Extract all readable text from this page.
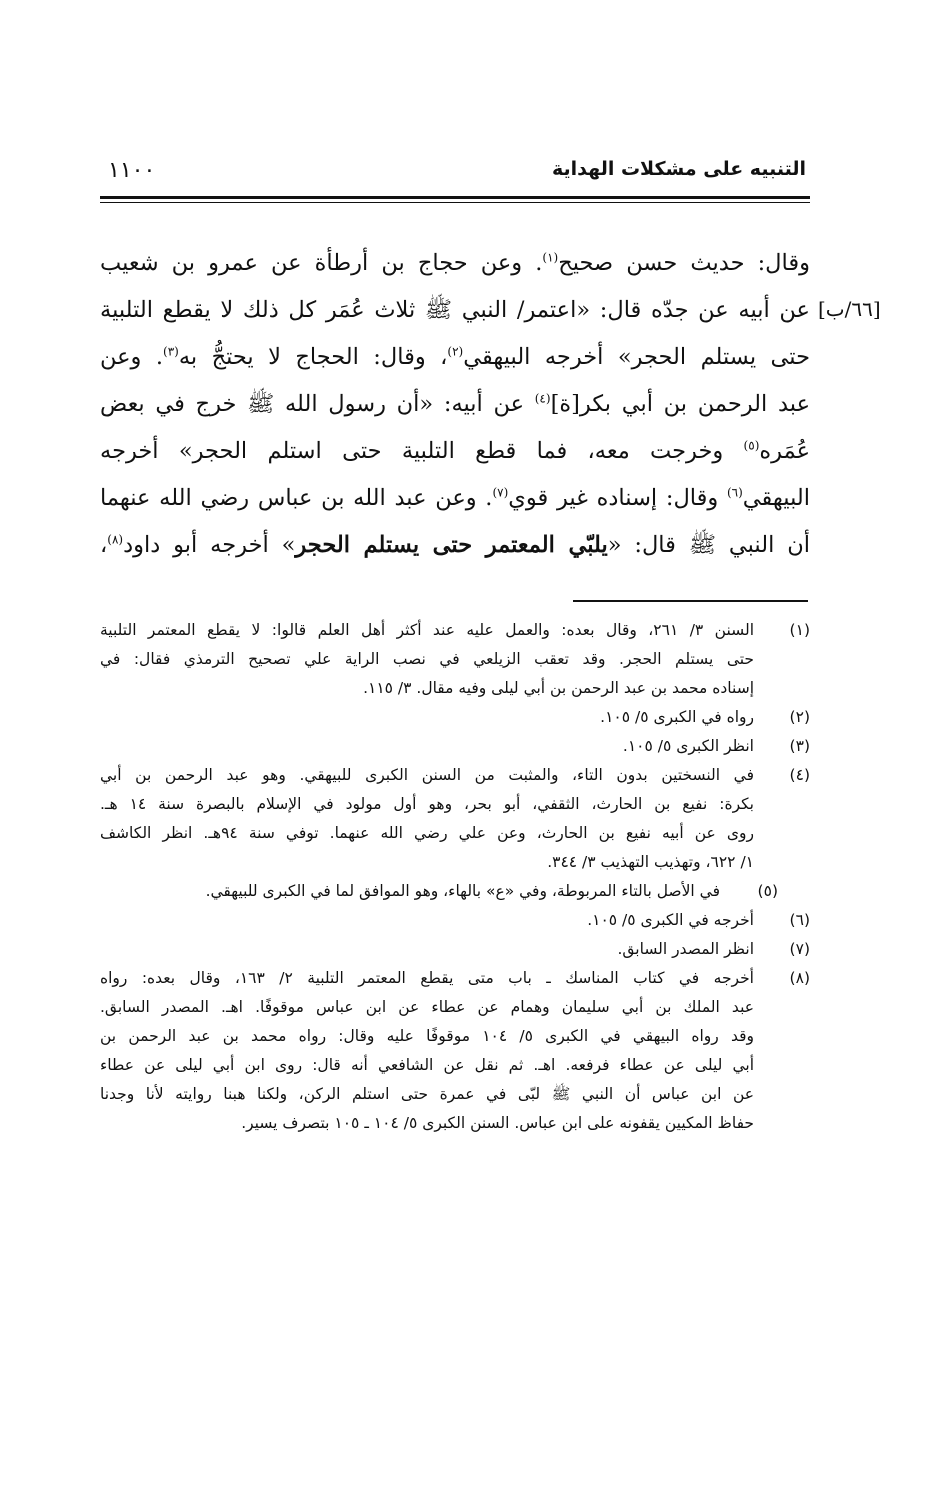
١١٠٠	التنبيه على مشكلات الهداية
[٦٦/ب]
وقال: حديث حسن صحيح$^{(١)}$. وعن حجاج بن أرطأة عن عمرو بن شعيب
عن أبيه عن جدّه قال: «اعتمر/ النبي ﷺ ثلاث عُمَر كل ذلك لا يقطع التلبية
حتى يستلم الحجر» أخرجه البيهقي$^{(٢)}$، وقال: الحجاج لا يحتجُّ به$^{(٣)}$. وعن
عبد الرحمن بن أبي بكر[ة]$^{(٤)}$ عن أبيه: «أن رسول الله ﷺ خرج في بعض
عُمَره$^{(٥)}$ وخرجت معه، فما قطع التلبية حتى استلم الحجر» أخرجه
البيهقي$^{(٦)}$ وقال: إسناده غير قوي$^{(٧)}$. وعن عبد الله بن عباس رضي الله عنهما
أن النبي ﷺ قال: «يلبّي المعتمر حتى يستلم الحجر» أخرجه أبو داود$^{(٨)}$،
(١)
السنن ٣/ ٢٦١، وقال بعده: والعمل عليه عند أكثر أهل العلم قالوا: لا يقطع المعتمر التلبية
حتى يستلم الحجر. وقد تعقب الزيلعي في نصب الراية علي تصحيح الترمذي فقال: في
إسناده محمد بن عبد الرحمن بن أبي ليلى وفيه مقال. ٣/ ١١٥.
(٢)
رواه في الكبرى ٥/ ١٠٥.
(٣)
انظر الكبرى ٥/ ١٠٥.
(٤)
في النسختين بدون التاء، والمثبت من السنن الكبرى للبيهقي. وهو عبد الرحمن بن أبي
بكرة: نفيع بن الحارث، الثقفي، أبو بحر، وهو أول مولود في الإسلام بالبصرة سنة ١٤ هـ.
روى عن أبيه نفيع بن الحارث، وعن علي رضي الله عنهما. توفي سنة ٩٤هـ. انظر الكاشف
١/ ٦٢٢، وتهذيب التهذيب ٣/ ٣٤٤.
(٥)
في الأصل بالتاء المربوطة، وفي «ع» بالهاء، وهو الموافق لما في الكبرى للبيهقي.
(٦)
أخرجه في الكبرى ٥/ ١٠٥.
(٧)
انظر المصدر السابق.
(٨)
أخرجه في كتاب المناسك ـ باب متى يقطع المعتمر التلبية ٢/ ١٦٣، وقال بعده: رواه
عبد الملك بن أبي سليمان وهمام عن عطاء عن ابن عباس موقوفًا. اهـ. المصدر السابق.
وقد رواه البيهقي في الكبرى ٥/ ١٠٤ موقوفًا عليه وقال: رواه محمد بن عبد الرحمن بن
أبي ليلى عن عطاء فرفعه. اهـ. ثم نقل عن الشافعي أنه قال: روى ابن أبي ليلى عن عطاء
عن ابن عباس أن النبي ﷺ لبّى في عمرة حتى استلم الركن، ولكنا هبنا روايته لأنا وجدنا
حفاظ المكيين يقفونه على ابن عباس. السنن الكبرى ٥/ ١٠٤ ـ ١٠٥ بتصرف يسير.
